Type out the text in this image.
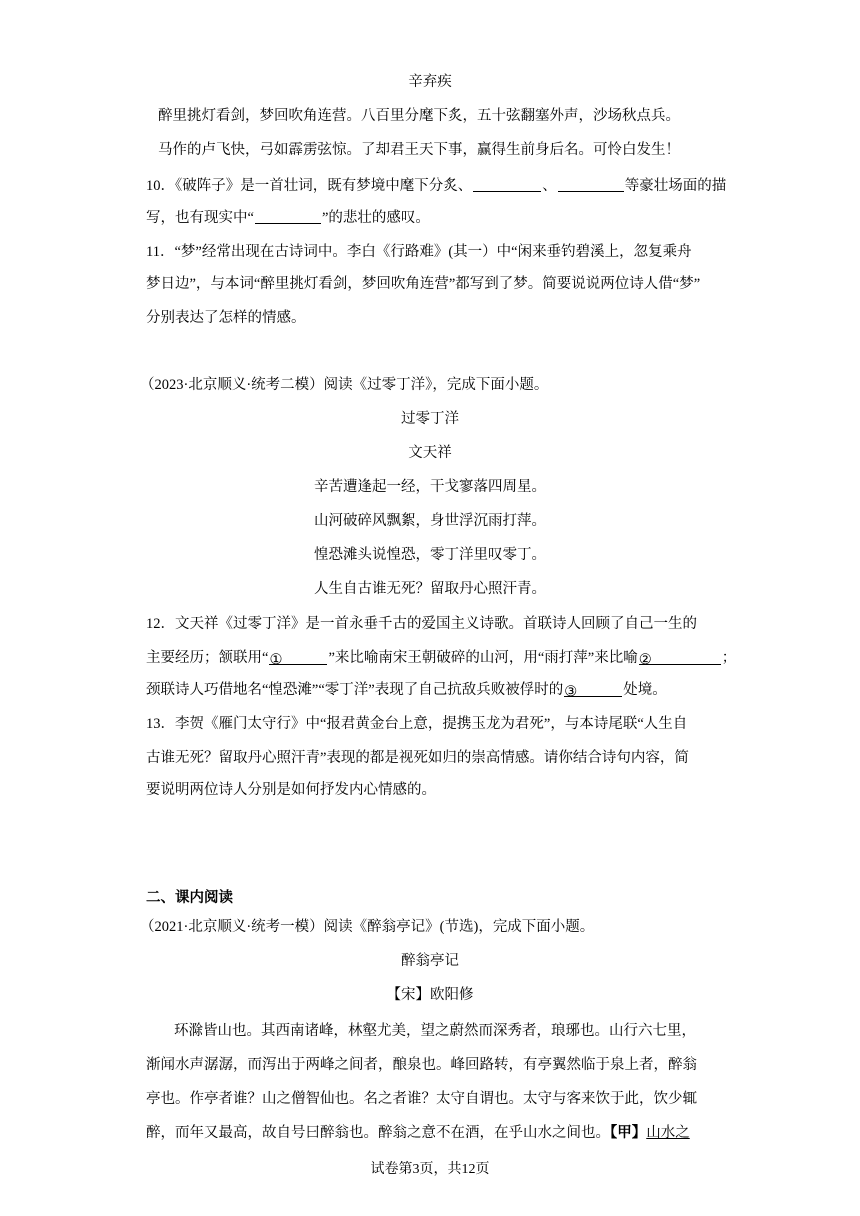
辛弃疾
醉里挑灯看剑，梦回吹角连营。八百里分麾下炙，五十弦翻塞外声，沙场秋点兵。
马作的卢飞快，弓如霹雳弦惊。了却君王天下事，赢得生前身后名。可怜白发生！
10．《破阵子》是一首壮词，既有梦境中麾下分炙、	、	等豪壮场面的描
写，也有现实中“	”的悲壮的感叹。
11．“梦”经常出现在古诗词中。李白《行路难》(其一）中“闲来垂钓碧溪上，忽复乘舟
梦日边”，与本词“醉里挑灯看剑，梦回吹角连营”都写到了梦。简要说说两位诗人借“梦”
分别表达了怎样的情感。
（2023·北京顺义·统考二模）阅读《过零丁洋》，完成下面小题。
过零丁洋
文天祥
辛苦遭逢起一经，干戈寥落四周星。
山河破碎风飘絮，身世浮沉雨打萍。
惶恐滩头说惶恐，零丁洋里叹零丁。
人生自古谁无死？留取丹心照汗青。
12．文天祥《过零丁洋》是一首永垂千古的爱国主义诗歌。首联诗人回顾了自己一生的
主要经历；颔联用“①	”来比喻南宋王朝破碎的山河，用“雨打萍”来比喻②	；
颈联诗人巧借地名“惶恐滩”“零丁洋”表现了自己抗敌兵败被俘时的③	处境。
13．李贺《雁门太守行》中“报君黄金台上意，提携玉龙为君死”，与本诗尾联“人生自
古谁无死？留取丹心照汗青”表现的都是视死如归的崇高情感。请你结合诗句内容，简
要说明两位诗人分别是如何抒发内心情感的。
二、课内阅读
（2021·北京顺义·统考一模）阅读《醉翁亭记》(节选)，完成下面小题。
醉翁亭记
【宋】欧阳修
环滁皆山也。其西南诸峰，林壑尤美，望之蔚然而深秀者，琅琊也。山行六七里，
渐闻水声潺潺，而泻出于两峰之间者，酿泉也。峰回路转，有亭翼然临于泉上者，醉翁
亭也。作亭者谁？山之僧智仙也。名之者谁？太守自谓也。太守与客来饮于此，饮少辄
醉，而年又最高，故自号曰醉翁也。醉翁之意不在酒，在乎山水之间也。【甲】山水之
试卷第3页，共12页
